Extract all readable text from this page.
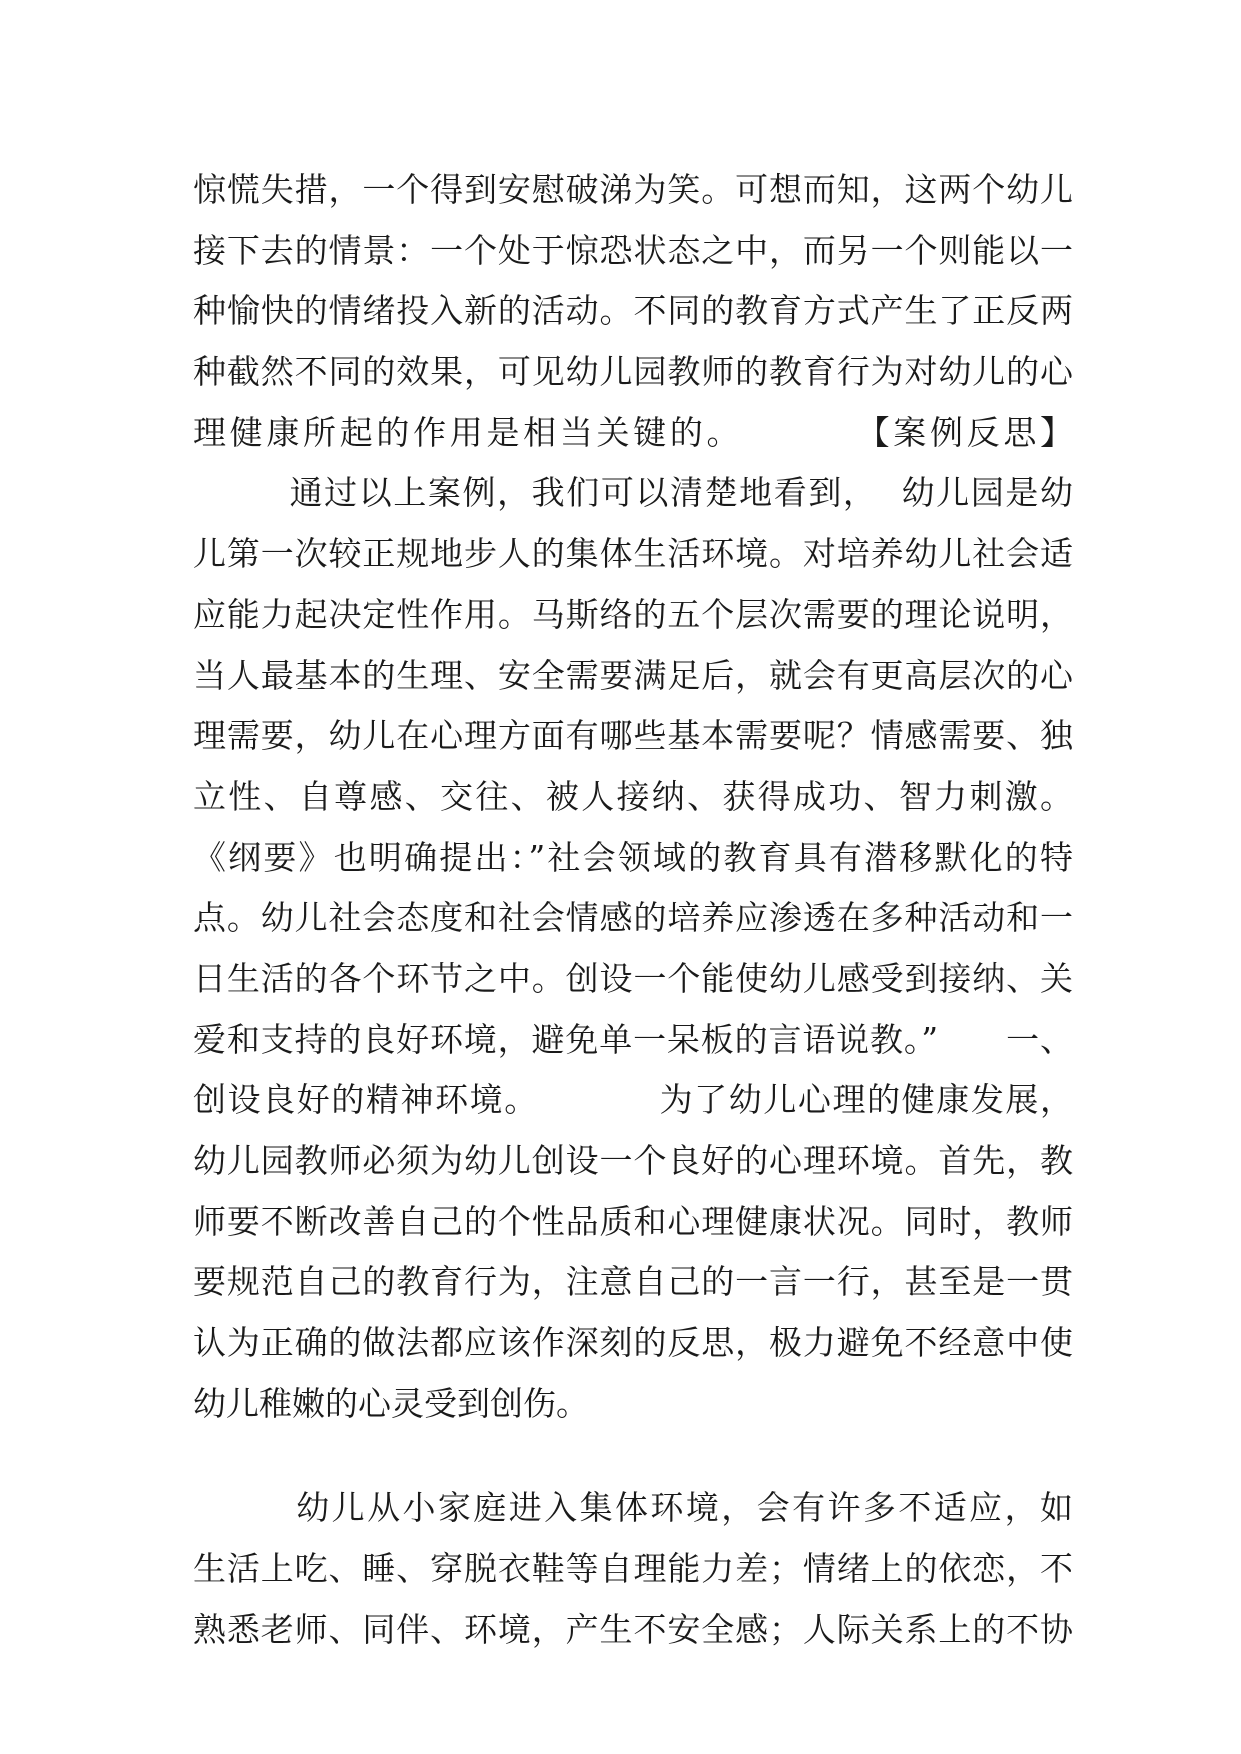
惊慌失措，一个得到安慰破涕为笑。可想而知，这两个幼儿
接下去的情景：一个处于惊恐状态之中，而另一个则能以一
种愉快的情绪投入新的活动。不同的教育方式产生了正反两
种截然不同的效果，可见幼儿园教师的教育行为对幼儿的心
理健康所起的作用是相当关键的。        【案例反思】
通过以上案例，我们可以清楚地看到，  幼儿园是幼
儿第一次较正规地步人的集体生活环境。对培养幼儿社会适
应能力起决定性作用。马斯络的五个层次需要的理论说明，
当人最基本的生理、安全需要满足后，就会有更高层次的心
理需要，幼儿在心理方面有哪些基本需要呢？情感需要、独
立性、自尊感、交往、被人接纳、获得成功、智力刺激。
《纲要》也明确提出：”社会领域的教育具有潜移默化的特
点。幼儿社会态度和社会情感的培养应渗透在多种活动和一
日生活的各个环节之中。创设一个能使幼儿感受到接纳、关
爱和支持的良好环境，避免单一呆板的言语说教。”      一、
创设良好的精神环境。          为了幼儿心理的健康发展，
幼儿园教师必须为幼儿创设一个良好的心理环境。首先，教
师要不断改善自己的个性品质和心理健康状况。同时，教师
要规范自己的教育行为，注意自己的一言一行，甚至是一贯
认为正确的做法都应该作深刻的反思，极力避免不经意中使
幼儿稚嫩的心灵受到创伤。
幼儿从小家庭进入集体环境，会有许多不适应，如
生活上吃、睡、穿脱衣鞋等自理能力差；情绪上的依恋，不
熟悉老师、同伴、环境，产生不安全感；人际关系上的不协
